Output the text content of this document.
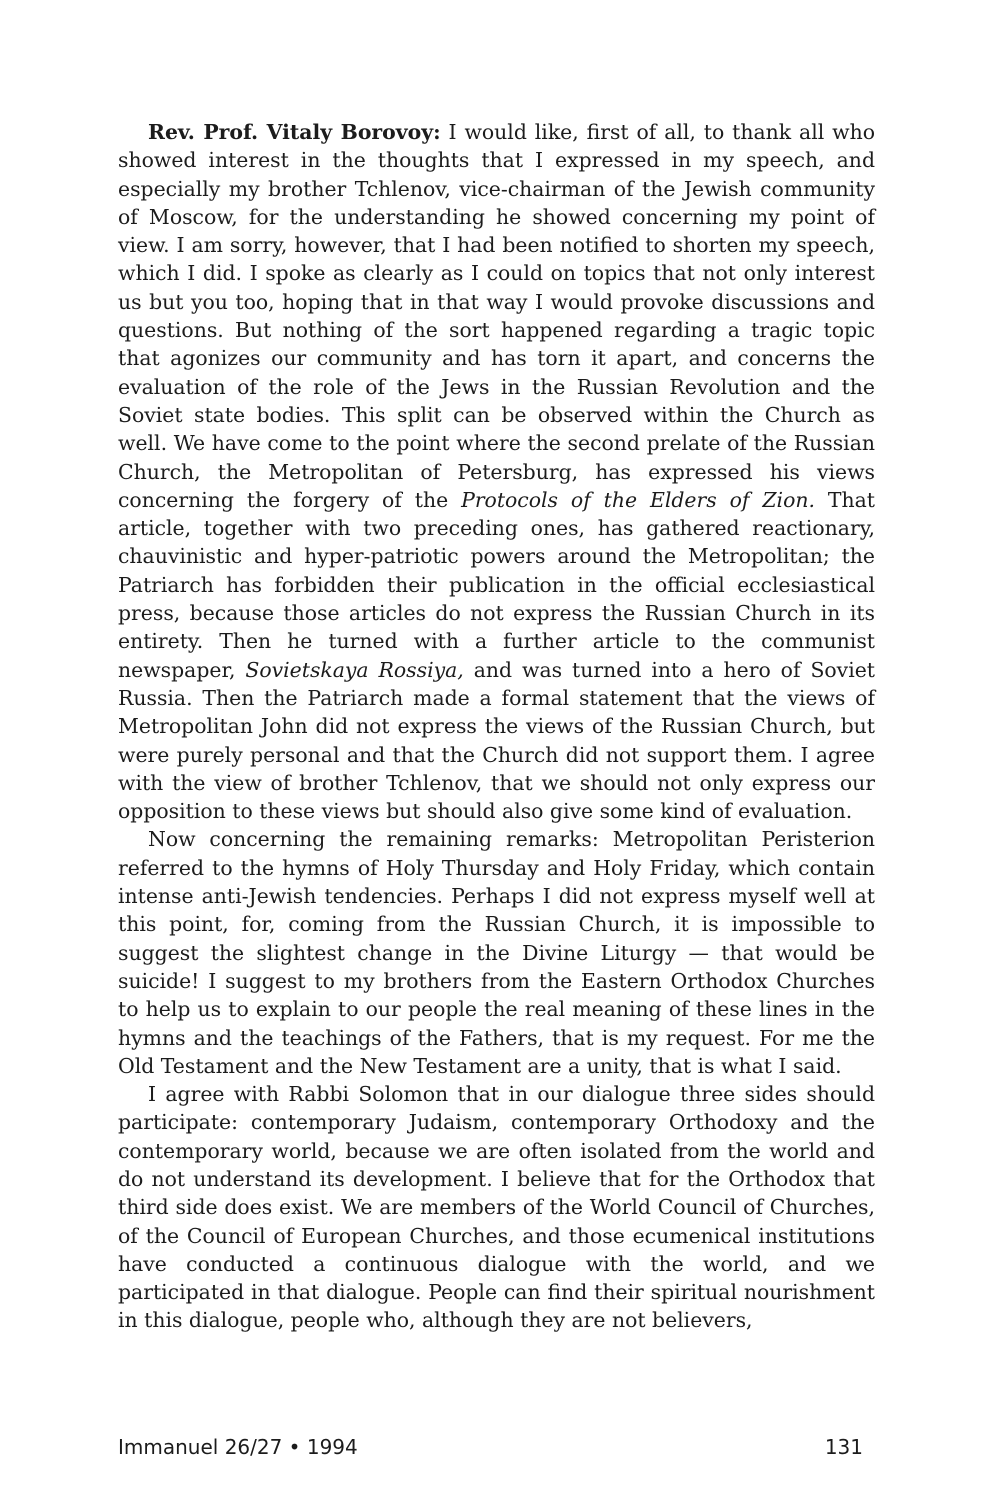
Rev. Prof. Vitaly Borovoy: I would like, first of all, to thank all who showed interest in the thoughts that I expressed in my speech, and especially my brother Tchlenov, vice-chairman of the Jewish community of Moscow, for the understanding he showed concerning my point of view. I am sorry, however, that I had been notified to shorten my speech, which I did. I spoke as clearly as I could on topics that not only interest us but you too, hoping that in that way I would provoke discussions and questions. But nothing of the sort happened regarding a tragic topic that agonizes our community and has torn it apart, and concerns the evaluation of the role of the Jews in the Russian Revolution and the Soviet state bodies. This split can be observed within the Church as well. We have come to the point where the second prelate of the Russian Church, the Metropolitan of Petersburg, has expressed his views concerning the forgery of the Protocols of the Elders of Zion. That article, together with two preceding ones, has gathered reactionary, chauvinistic and hyper-patriotic powers around the Metropolitan; the Patriarch has forbidden their publication in the official ecclesiastical press, because those articles do not express the Russian Church in its entirety. Then he turned with a further article to the communist newspaper, Sovietskaya Rossiya, and was turned into a hero of Soviet Russia. Then the Patriarch made a formal statement that the views of Metropolitan John did not express the views of the Russian Church, but were purely personal and that the Church did not support them. I agree with the view of brother Tchlenov, that we should not only express our opposition to these views but should also give some kind of evaluation.

Now concerning the remaining remarks: Metropolitan Peristerion referred to the hymns of Holy Thursday and Holy Friday, which contain intense anti-Jewish tendencies. Perhaps I did not express myself well at this point, for, coming from the Russian Church, it is impossible to suggest the slightest change in the Divine Liturgy — that would be suicide! I suggest to my brothers from the Eastern Orthodox Churches to help us to explain to our people the real meaning of these lines in the hymns and the teachings of the Fathers, that is my request. For me the Old Testament and the New Testament are a unity, that is what I said.

I agree with Rabbi Solomon that in our dialogue three sides should participate: contemporary Judaism, contemporary Orthodoxy and the contemporary world, because we are often isolated from the world and do not understand its development. I believe that for the Orthodox that third side does exist. We are members of the World Council of Churches, of the Council of European Churches, and those ecumenical institutions have conducted a continuous dialogue with the world, and we participated in that dialogue. People can find their spiritual nourishment in this dialogue, people who, although they are not believers,

Immanuel 26/27 • 1994	131
